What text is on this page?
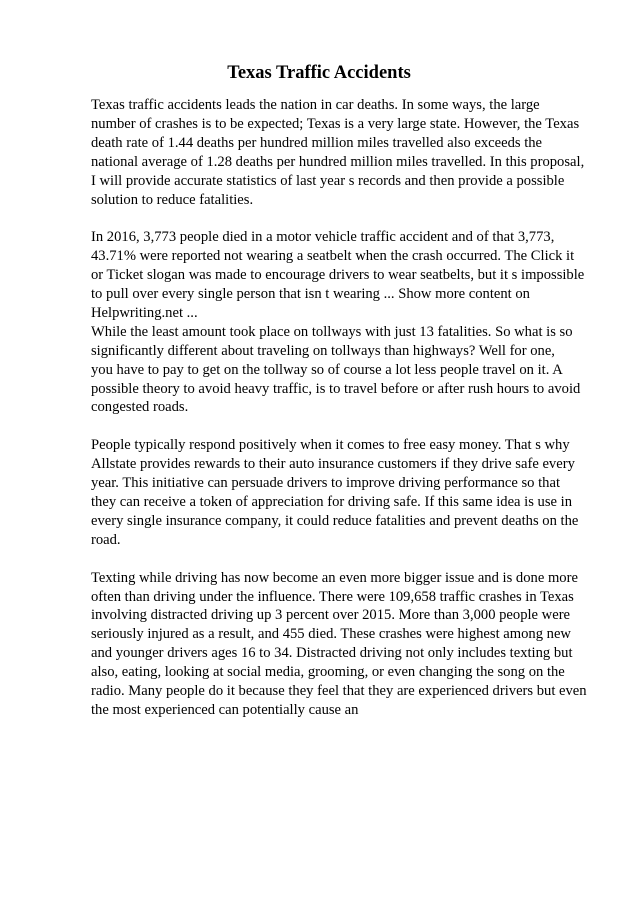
Texas Traffic Accidents

Texas traffic accidents leads the nation in car deaths. In some ways, the large
number of crashes is to be expected; Texas is a very large state. However, the Texas
death rate of 1.44 deaths per hundred million miles travelled also exceeds the
national average of 1.28 deaths per hundred million miles travelled. In this proposal,
I will provide accurate statistics of last year s records and then provide a possible
solution to reduce fatalities.

In 2016, 3,773 people died in a motor vehicle traffic accident and of that 3,773,
43.71% were reported not wearing a seatbelt when the crash occurred. The Click it
or Ticket slogan was made to encourage drivers to wear seatbelts, but it s impossible
to pull over every single person that isn t wearing ... Show more content on
Helpwriting.net ...

While the least amount took place on tollways with just 13 fatalities. So what is so
significantly different about traveling on tollways than highways? Well for one,
you have to pay to get on the tollway so of course a lot less people travel on it. A
possible theory to avoid heavy traffic, is to travel before or after rush hours to avoid
congested roads.

People typically respond positively when it comes to free easy money. That s why
Allstate provides rewards to their auto insurance customers if they drive safe every
year. This initiative can persuade drivers to improve driving performance so that
they can receive a token of appreciation for driving safe. If this same idea is use in
every single insurance company, it could reduce fatalities and prevent deaths on the
road.

Texting while driving has now become an even more bigger issue and is done more
often than driving under the influence. There were 109,658 traffic crashes in Texas
involving distracted driving up 3 percent over 2015. More than 3,000 people were
seriously injured as a result, and 455 died. These crashes were highest among new
and younger drivers ages 16 to 34. Distracted driving not only includes texting but
also, eating, looking at social media, grooming, or even changing the song on the
radio. Many people do it because they feel that they are experienced drivers but even
the most experienced can potentially cause an
